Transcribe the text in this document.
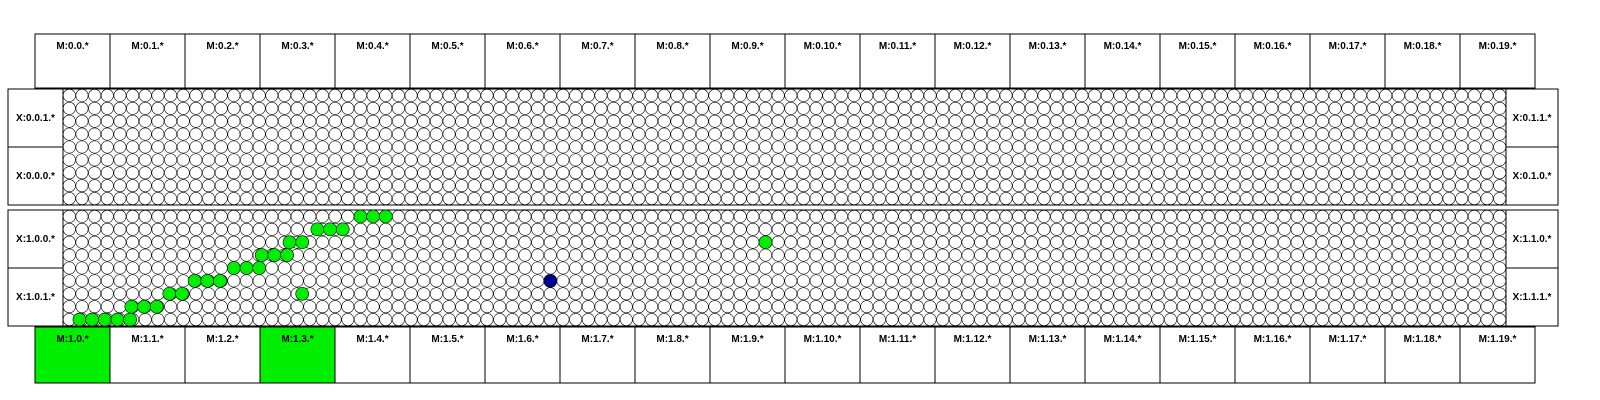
M:0.0.*	M:0.1.*	M:0.2.*	M:0.3.*	M:0.4.*	M:0.5.*	M:0.6.*	M:0.7.*	M:0.8.*	M:0.9.*	M:0.10.*	M:0.11.*	M:0.12.*	M:0.13.*	M:0.14.*	M:0.15.*	M:0.16.*	M:0.17.*	M:0.18.*	M:0.19.*
M:1.0.*	M:1.1.*	M:1.2.*	M:1.3.*	M:1.4.*	M:1.5.*	M:1.6.*	M:1.7.*	M:1.8.*	M:1.9.*	M:1.10.*	M:1.11.*	M:1.12.*	M:1.13.*	M:1.14.*	M:1.15.*	M:1.16.*	M:1.17.*	M:1.18.*	M:1.19.*
X:0.0.1.*
X:0.0.0.*
X:1.0.0.*
X:1.0.1.*
X:0.1.1.*
X:0.1.0.*
X:1.1.0.*
X:1.1.1.*
